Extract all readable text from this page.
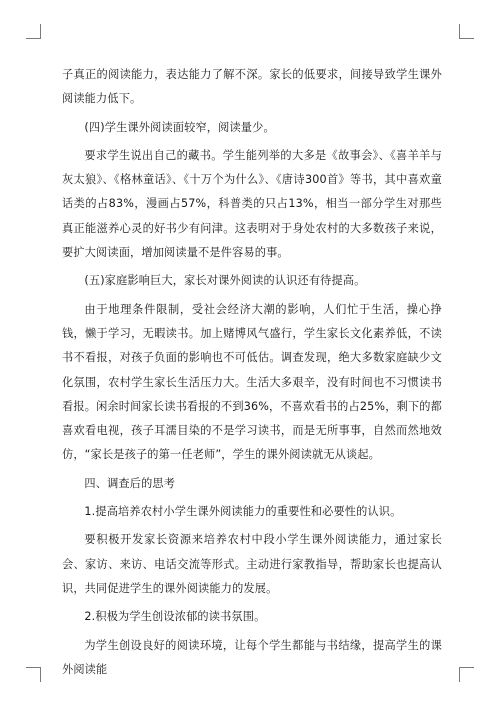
子真正的阅读能力，表达能力了解不深。家长的低要求，间接导致学生课外阅读能力低下。

(四)学生课外阅读面较窄，阅读量少。

要求学生说出自己的藏书。学生能列举的大多是《故事会》、《喜羊羊与灰太狼》、《格林童话》、《十万个为什么》、《唐诗300首》等书，其中喜欢童话类的占83%，漫画占57%，科普类的只占13%，相当一部分学生对那些真正能滋养心灵的好书少有问津。这表明对于身处农村的大多数孩子来说，要扩大阅读面，增加阅读量不是件容易的事。

(五)家庭影响巨大，家长对课外阅读的认识还有待提高。

由于地理条件限制，受社会经济大潮的影响，人们忙于生活，操心挣钱，懒于学习，无暇读书。加上赌博风气盛行，学生家长文化素养低，不读书不看报，对孩子负面的影响也不可低估。调查发现，绝大多数家庭缺少文化氛围，农村学生家长生活压力大。生活大多艰辛，没有时间也不习惯读书看报。闲余时间家长读书看报的不到36%，不喜欢看书的占25%，剩下的都喜欢看电视，孩子耳濡目染的不是学习读书，而是无所事事，自然而然地效仿，“家长是孩子的第一任老师”，学生的课外阅读就无从谈起。

四、调查后的思考

1.提高培养农村小学生课外阅读能力的重要性和必要性的认识。

要积极开发家长资源来培养农村中段小学生课外阅读能力，通过家长会、家访、来访、电话交流等形式。主动进行家教指导，帮助家长也提高认识，共同促进学生的课外阅读能力的发展。

2.积极为学生创设浓郁的读书氛围。

为学生创设良好的阅读环境，让每个学生都能与书结缘，提高学生的课外阅读能
